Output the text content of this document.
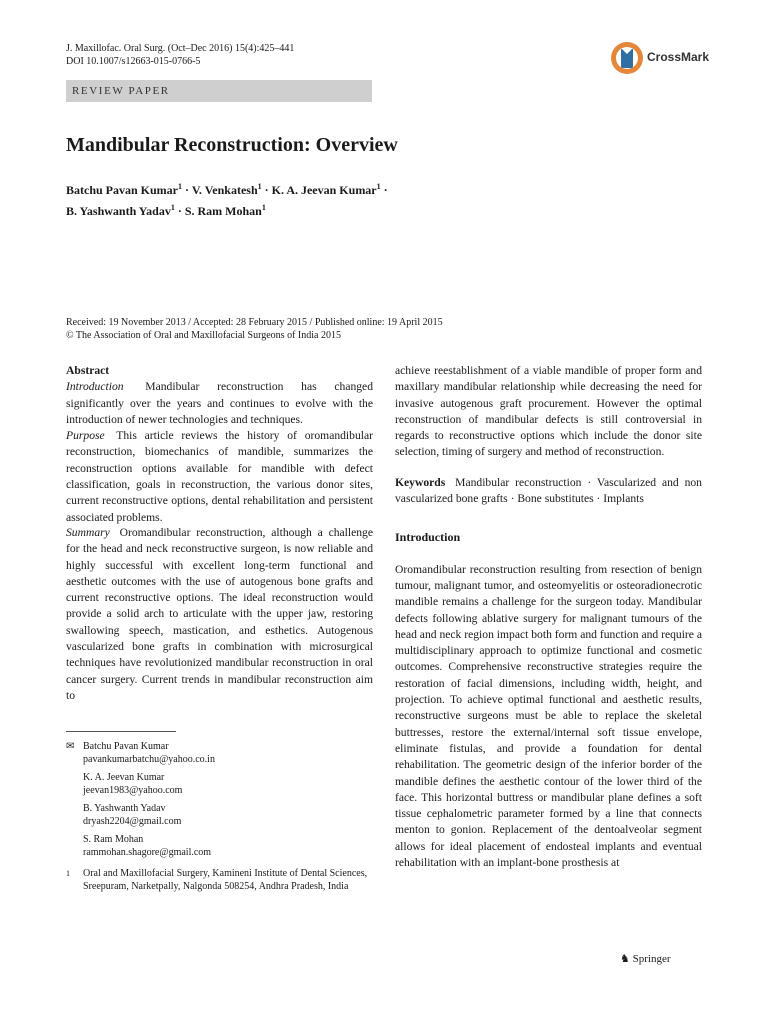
J. Maxillofac. Oral Surg. (Oct–Dec 2016) 15(4):425–441
DOI 10.1007/s12663-015-0766-5	CrossMark
REVIEW PAPER
Mandibular Reconstruction: Overview
Batchu Pavan Kumar$^1$ · V. Venkatesh$^1$ · K. A. Jeevan Kumar$^1$ ·
B. Yashwanth Yadav$^1$ · S. Ram Mohan$^1$
Received: 19 November 2013 / Accepted: 28 February 2015 / Published online: 19 April 2015
© The Association of Oral and Maxillofacial Surgeons of India 2015
Abstract
Introduction Mandibular reconstruction has changed significantly over the years and continues to evolve with the introduction of newer technologies and techniques.
Purpose This article reviews the history of oromandibular reconstruction, biomechanics of mandible, summarizes the reconstruction options available for mandible with defect classification, goals in reconstruction, the various donor sites, current reconstructive options, dental rehabilitation and persistent associated problems.
Summary Oromandibular reconstruction, although a challenge for the head and neck reconstructive surgeon, is now reliable and highly successful with excellent long-term functional and aesthetic outcomes with the use of autogenous bone grafts and current reconstructive options. The ideal reconstruction would provide a solid arch to articulate with the upper jaw, restoring swallowing speech, mastication, and esthetics. Autogenous vascularized bone grafts in combination with microsurgical techniques have revolutionized mandibular reconstruction in oral cancer surgery. Current trends in mandibular reconstruction aim to
achieve reestablishment of a viable mandible of proper form and maxillary mandibular relationship while decreasing the need for invasive autogenous graft procurement. However the optimal reconstruction of mandibular defects is still controversial in regards to reconstructive options which include the donor site selection, timing of surgery and method of reconstruction.
Keywords Mandibular reconstruction · Vascularized and non vascularized bone grafts · Bone substitutes · Implants
Introduction
Oromandibular reconstruction resulting from resection of benign tumour, malignant tumor, and osteomyelitis or osteoradionecrotic mandible remains a challenge for the surgeon today. Mandibular defects following ablative surgery for malignant tumours of the head and neck region impact both form and function and require a multidisciplinary approach to optimize functional and cosmetic outcomes. Comprehensive reconstructive strategies require the restoration of facial dimensions, including width, height, and projection. To achieve optimal functional and aesthetic results, reconstructive surgeons must be able to replace the skeletal buttresses, restore the external/internal soft tissue envelope, eliminate fistulas, and provide a foundation for dental rehabilitation. The geometric design of the inferior border of the mandible defines the aesthetic contour of the lower third of the face. This horizontal buttress or mandibular plane defines a soft tissue cephalometric parameter formed by a line that connects menton to gonion. Replacement of the dentoalveolar segment allows for ideal placement of endosteal implants and eventual rehabilitation with an implant-bone prosthesis at
✉ Batchu Pavan Kumar
pavankumarbatchu@yahoo.co.in
K. A. Jeevan Kumar
jeevan1983@yahoo.com
B. Yashwanth Yadav
dryash2204@gmail.com
S. Ram Mohan
rammohan.shagore@gmail.com
1 Oral and Maxillofacial Surgery, Kamineni Institute of Dental Sciences,
Sreepuram, Narketpally, Nalgonda 508254, Andhra Pradesh, India
♞ Springer
